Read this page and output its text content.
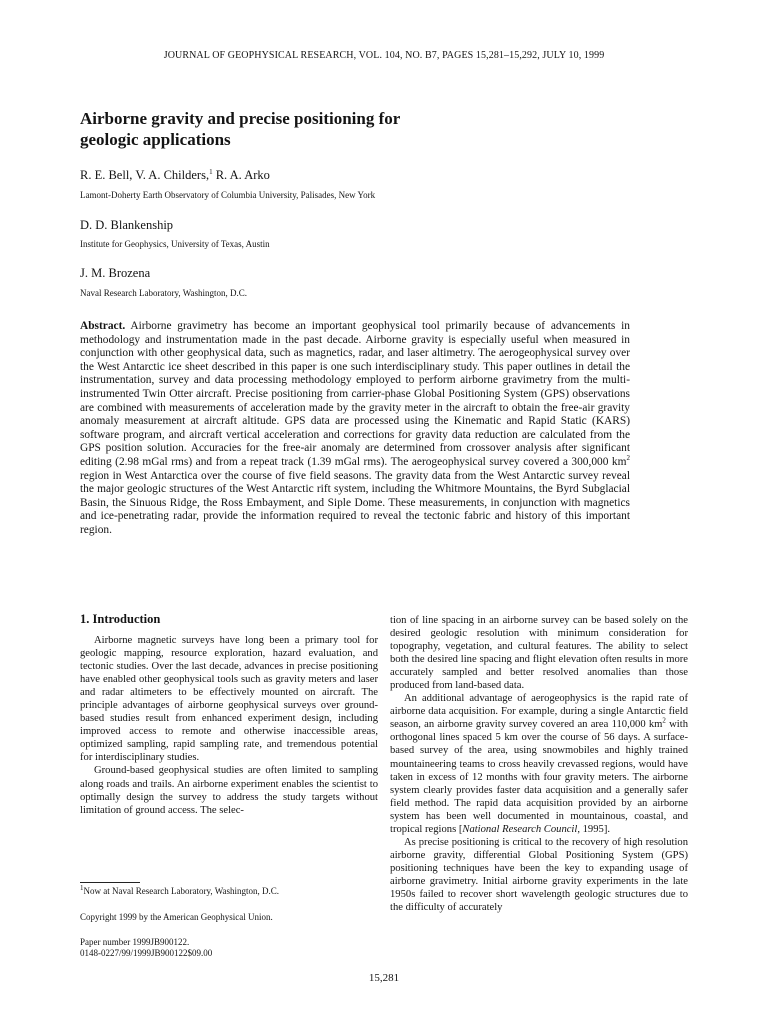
JOURNAL OF GEOPHYSICAL RESEARCH, VOL. 104, NO. B7, PAGES 15,281–15,292, JULY 10, 1999
Airborne gravity and precise positioning for
geologic applications
R. E. Bell, V. A. Childers,$^1$ R. A. Arko
Lamont-Doherty Earth Observatory of Columbia University, Palisades, New York
D. D. Blankenship
Institute for Geophysics, University of Texas, Austin
J. M. Brozena
Naval Research Laboratory, Washington, D.C.
Abstract. Airborne gravimetry has become an important geophysical tool primarily because of advancements in methodology and instrumentation made in the past decade. Airborne gravity is especially useful when measured in conjunction with other geophysical data, such as magnetics, radar, and laser altimetry. The aerogeophysical survey over the West Antarctic ice sheet described in this paper is one such interdisciplinary study. This paper outlines in detail the instrumentation, survey and data processing methodology employed to perform airborne gravimetry from the multi-instrumented Twin Otter aircraft. Precise positioning from carrier-phase Global Positioning System (GPS) observations are combined with measurements of acceleration made by the gravity meter in the aircraft to obtain the free-air gravity anomaly measurement at aircraft altitude. GPS data are processed using the Kinematic and Rapid Static (KARS) software program, and aircraft vertical acceleration and corrections for gravity data reduction are calculated from the GPS position solution. Accuracies for the free-air anomaly are determined from crossover analysis after significant editing (2.98 mGal rms) and from a repeat track (1.39 mGal rms). The aerogeophysical survey covered a 300,000 $km^2$ region in West Antarctica over the course of five field seasons. The gravity data from the West Antarctic survey reveal the major geologic structures of the West Antarctic rift system, including the Whitmore Mountains, the Byrd Subglacial Basin, the Sinuous Ridge, the Ross Embayment, and Siple Dome. These measurements, in conjunction with magnetics and ice-penetrating radar, provide the information required to reveal the tectonic fabric and history of this important region.
1. Introduction

Airborne magnetic surveys have long been a primary tool for geologic mapping, resource exploration, hazard evaluation, and tectonic studies. Over the last decade, advances in precise positioning have enabled other geophysical tools such as gravity meters and laser and radar altimeters to be effectively mounted on aircraft. The principle advantages of airborne geophysical surveys over ground-based studies result from enhanced experiment design, including improved access to remote and otherwise inaccessible areas, optimized sampling, rapid sampling rate, and tremendous potential for interdisciplinary studies.

Ground-based geophysical studies are often limited to sampling along roads and trails. An airborne experiment enables the scientist to optimally design the survey to address the study targets without limitation of ground access. The selec-

tion of line spacing in an airborne survey can be based solely on the desired geologic resolution with minimum consideration for topography, vegetation, and cultural features. The ability to select both the desired line spacing and flight elevation often results in more accurately sampled and better resolved anomalies than those produced from land-based data.

An additional advantage of aerogeophysics is the rapid rate of airborne data acquisition. For example, during a single Antarctic field season, an airborne gravity survey covered an area 110,000 $km^2$ with orthogonal lines spaced 5 km over the course of 56 days. A surface-based survey of the area, using snowmobiles and highly trained mountaineering teams to cross heavily crevassed regions, would have taken in excess of 12 months with four gravity meters. The airborne system clearly provides faster data acquisition and a generally safer field method. The rapid data acquisition provided by an airborne system has been well documented in mountainous, coastal, and tropical regions [National Research Council, 1995].

As precise positioning is critical to the recovery of high resolution airborne gravity, differential Global Positioning System (GPS) positioning techniques have been the key to expanding usage of airborne gravimetry. Initial airborne gravity experiments in the late 1950s failed to recover short wavelength geologic structures due to the difficulty of accurately

$^1$Now at Naval Research Laboratory, Washington, D.C.
Copyright 1999 by the American Geophysical Union.
Paper number 1999JB900122.
0148-0227/99/1999JB900122$09.00
15,281
